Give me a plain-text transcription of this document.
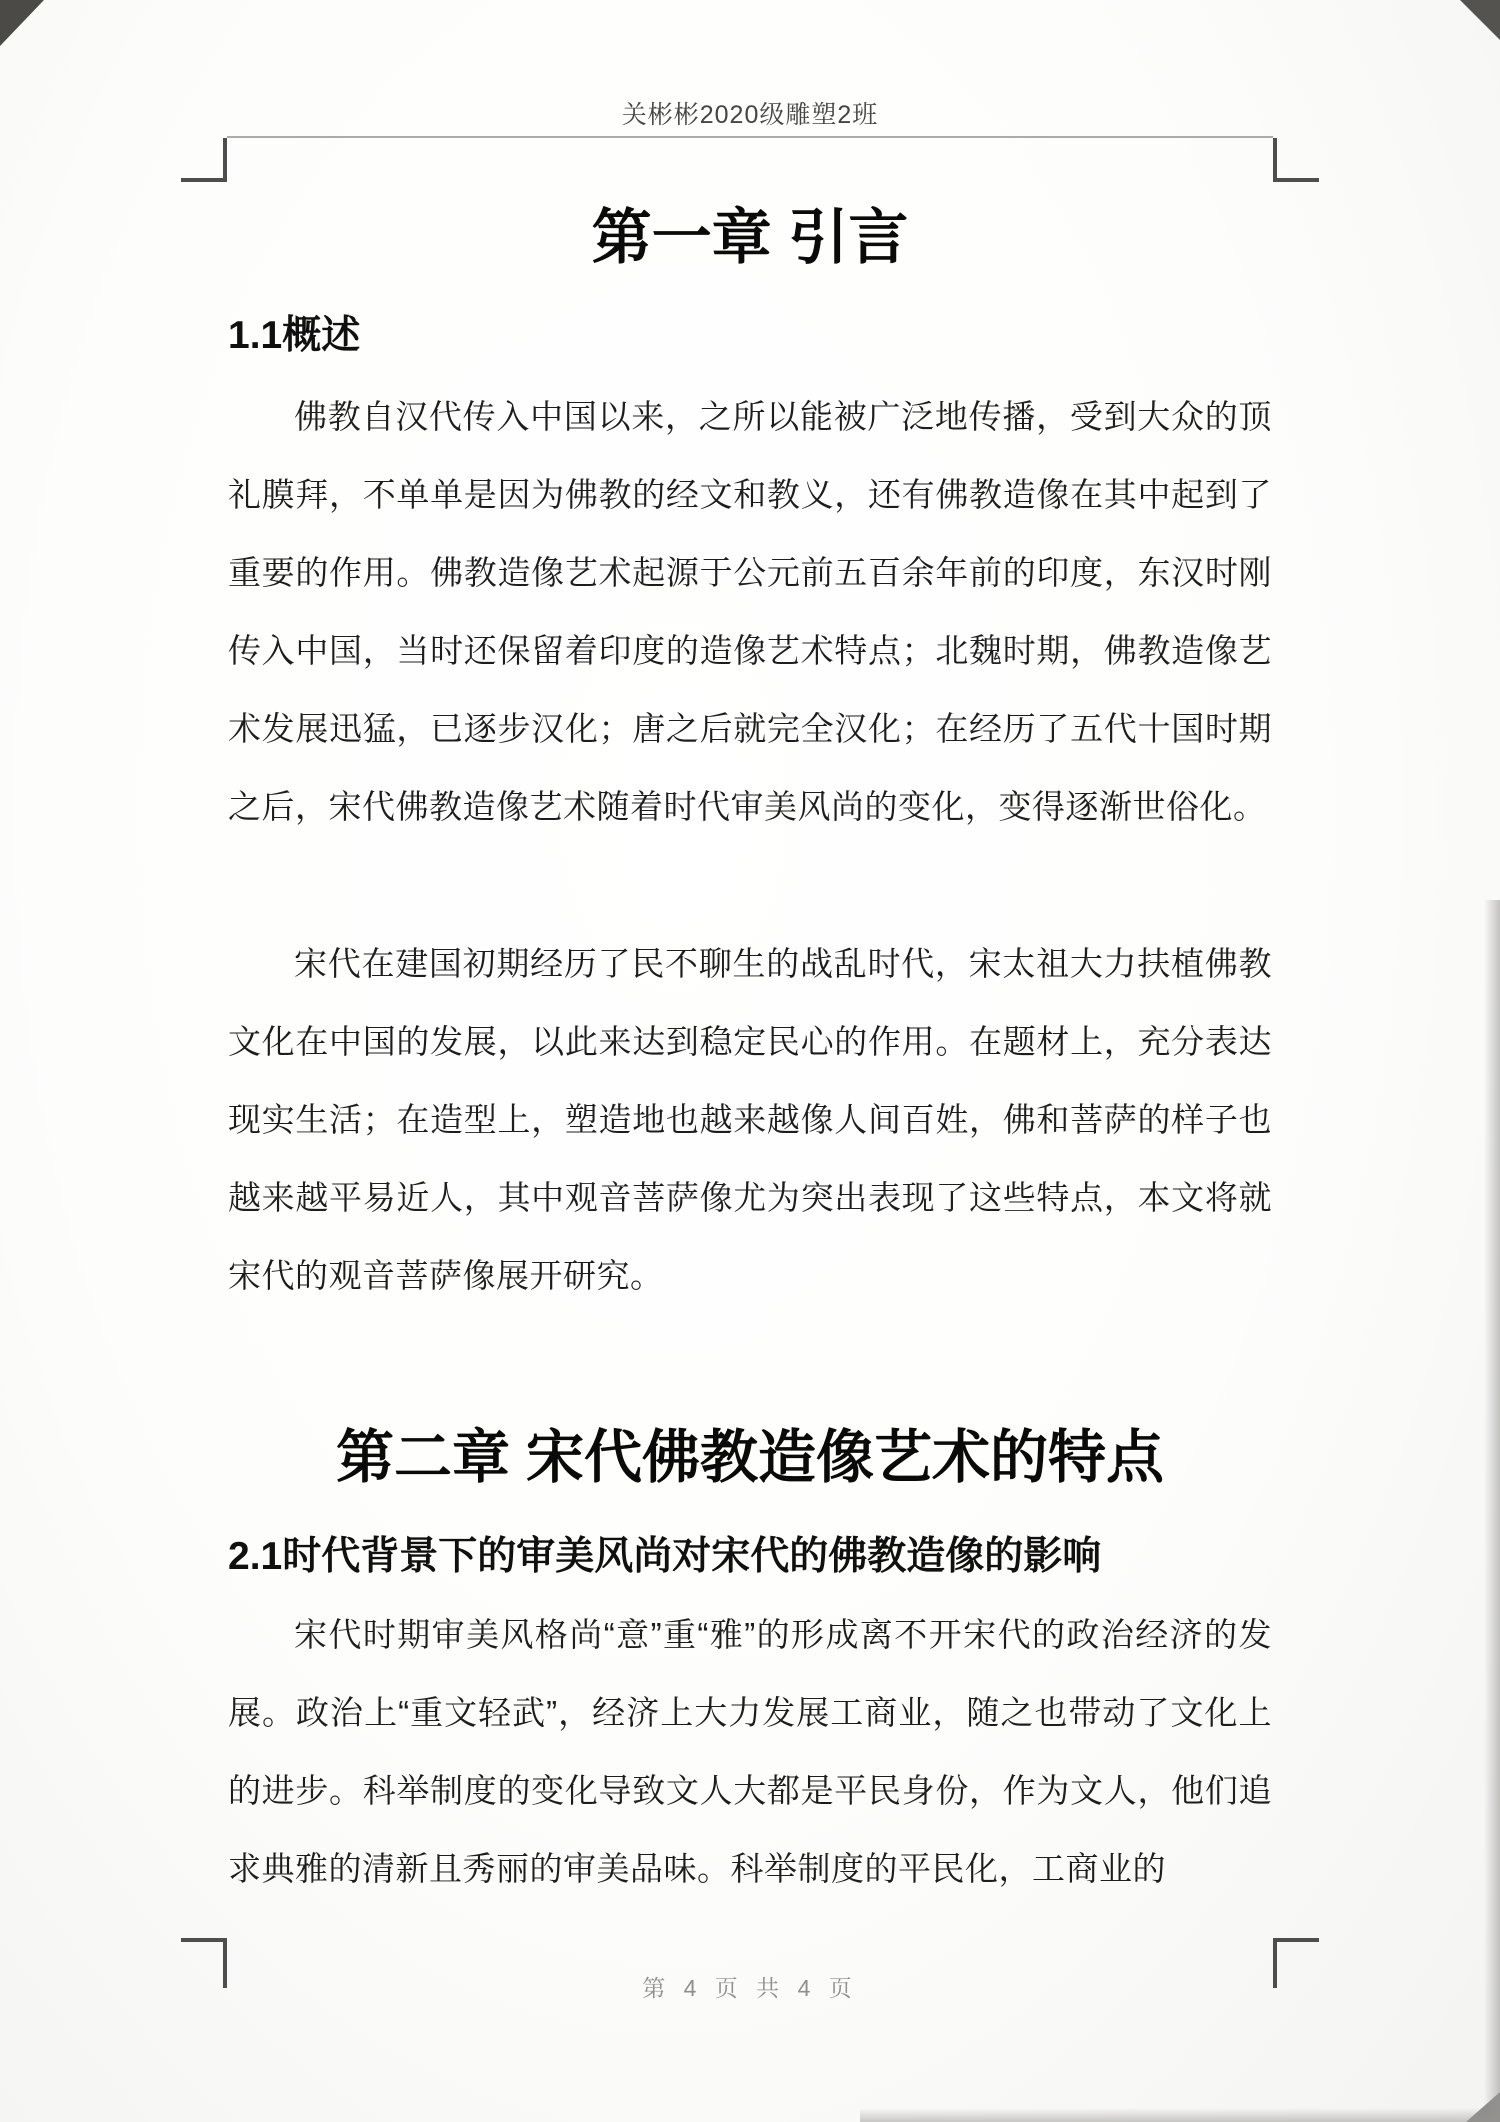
关彬彬2020级雕塑2班
第一章 引言
1.1概述
佛教自汉代传入中国以来，之所以能被广泛地传播，受到大众的顶礼膜拜，不单单是因为佛教的经文和教义，还有佛教造像在其中起到了重要的作用。佛教造像艺术起源于公元前五百余年前的印度，东汉时刚传入中国，当时还保留着印度的造像艺术特点；北魏时期，佛教造像艺术发展迅猛，已逐步汉化；唐之后就完全汉化；在经历了五代十国时期之后，宋代佛教造像艺术随着时代审美风尚的变化，变得逐渐世俗化。
宋代在建国初期经历了民不聊生的战乱时代，宋太祖大力扶植佛教文化在中国的发展，以此来达到稳定民心的作用。在题材上，充分表达现实生活；在造型上，塑造地也越来越像人间百姓，佛和菩萨的样子也越来越平易近人，其中观音菩萨像尤为突出表现了这些特点，本文将就宋代的观音菩萨像展开研究。
第二章 宋代佛教造像艺术的特点
2.1时代背景下的审美风尚对宋代的佛教造像的影响
宋代时期审美风格尚“意”重“雅”的形成离不开宋代的政治经济的发展。政治上“重文轻武”，经济上大力发展工商业，随之也带动了文化上的进步。科举制度的变化导致文人大都是平民身份，作为文人，他们追求典雅的清新且秀丽的审美品味。科举制度的平民化，工商业的
第 4 页 共 4 页
